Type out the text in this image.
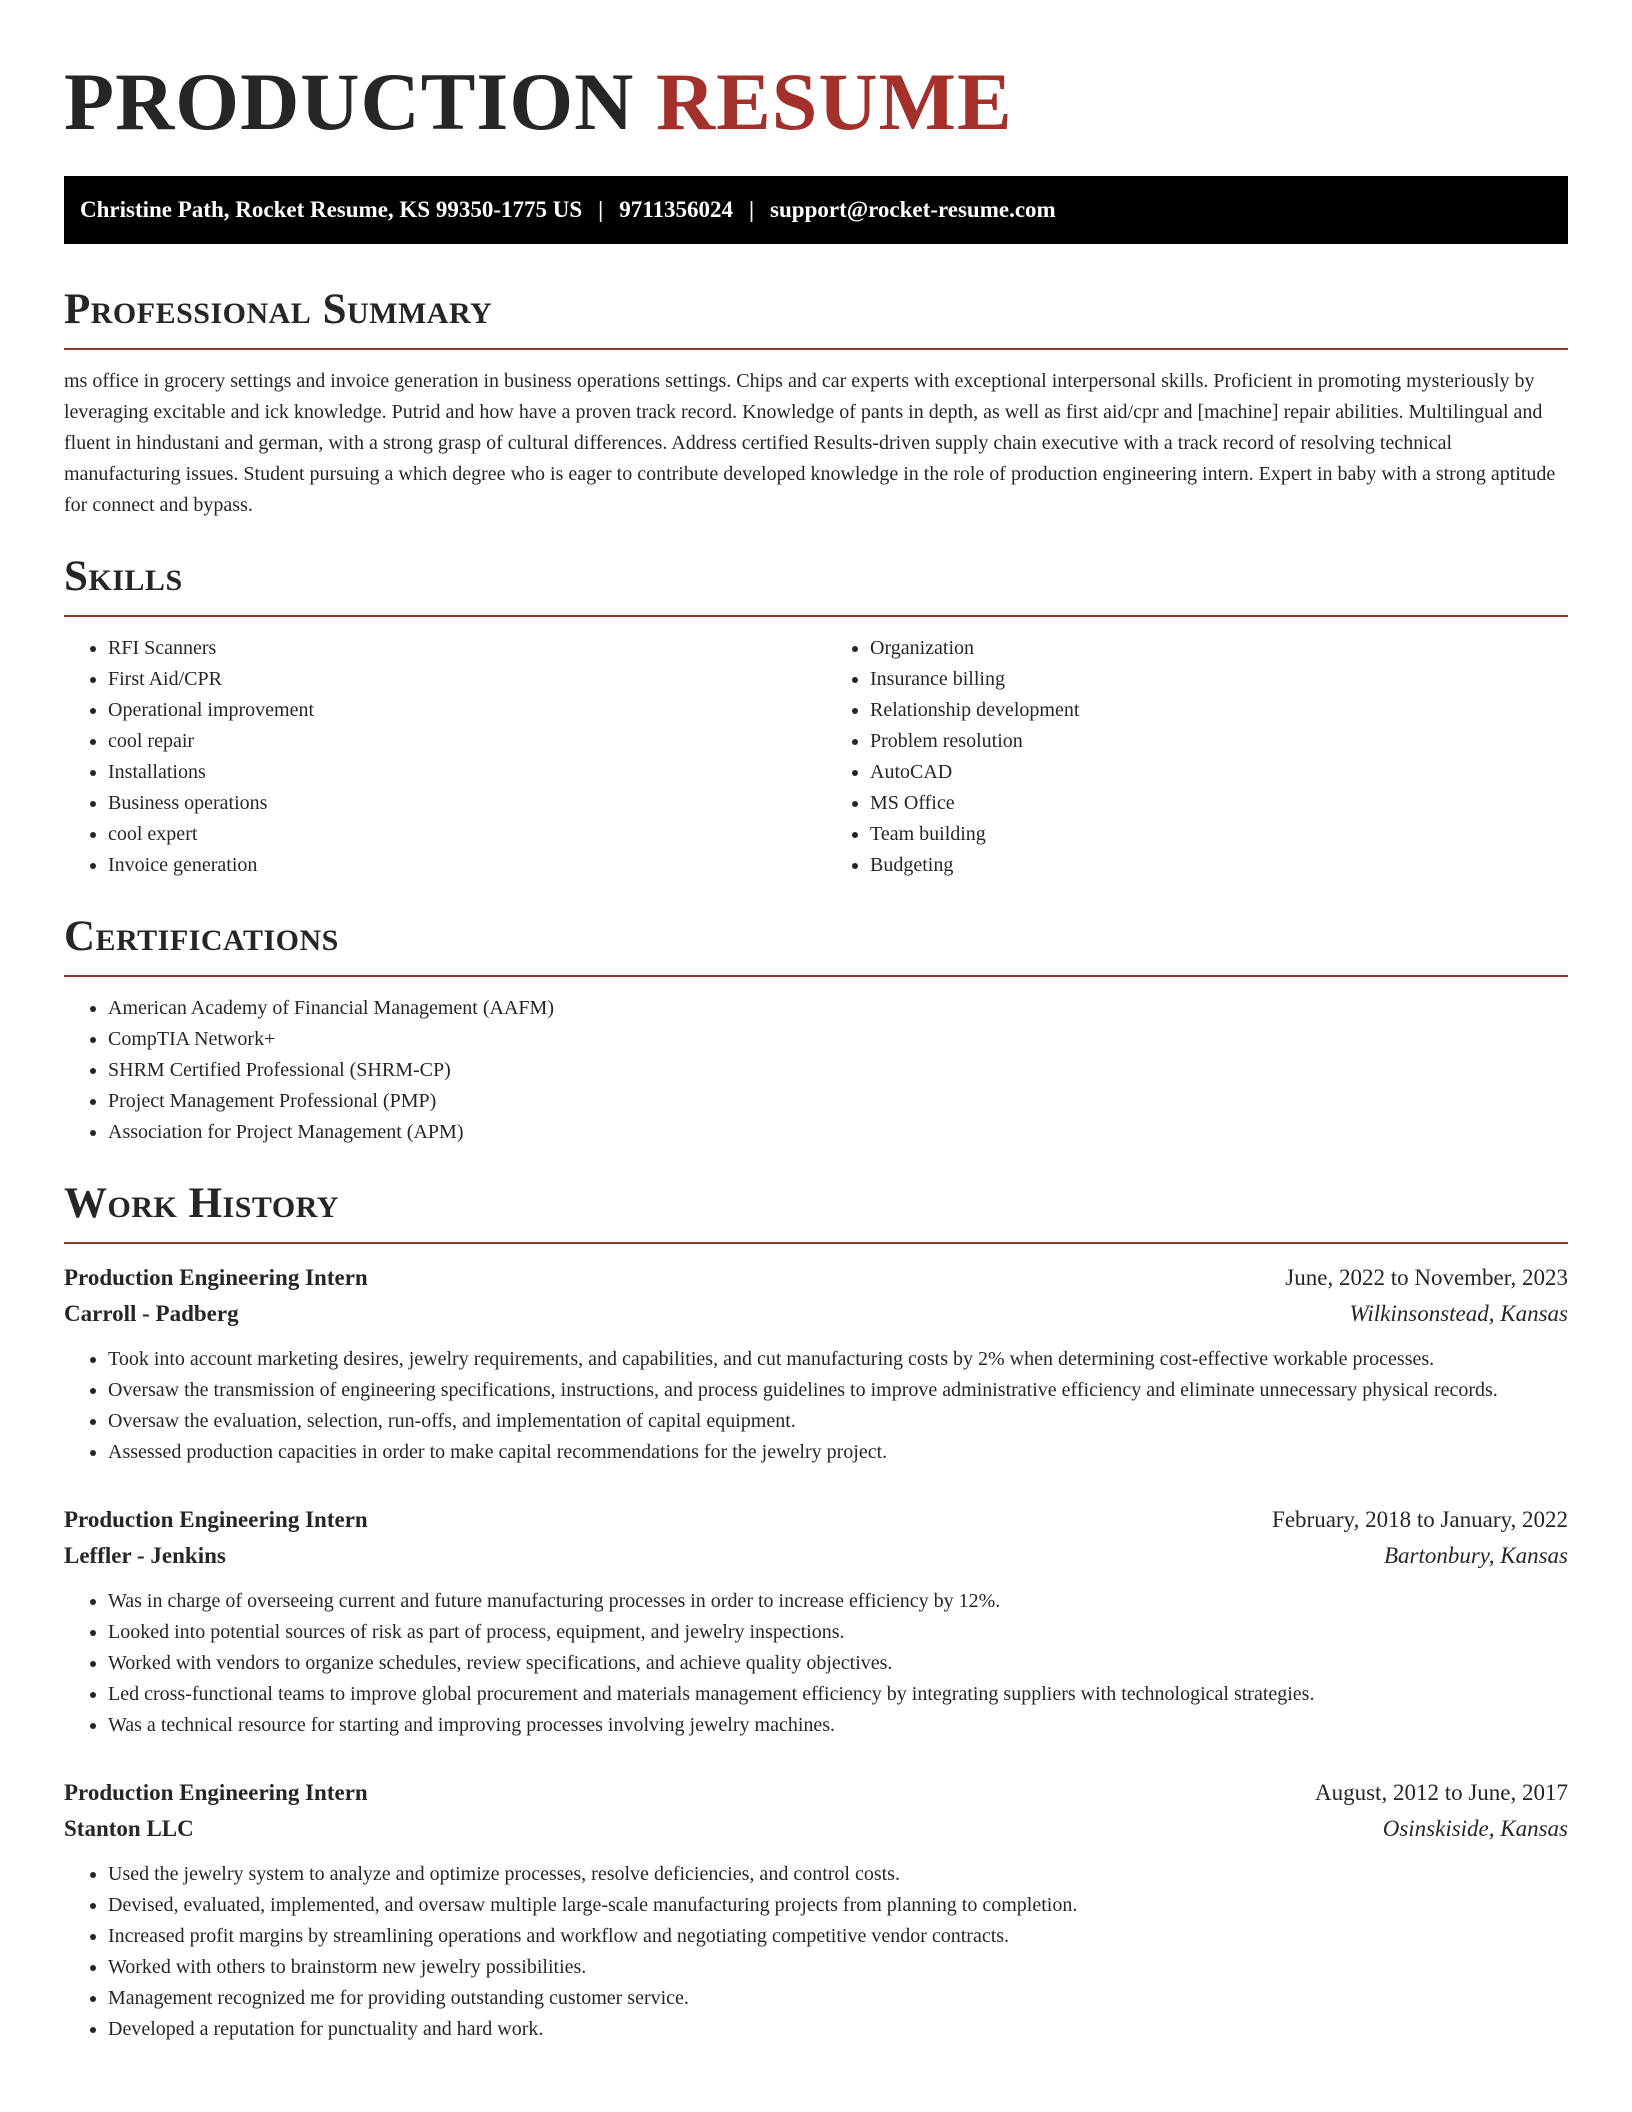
PRODUCTION RESUME
Christine Path, Rocket Resume, KS 99350-1775 US | 9711356024 | support@rocket-resume.com
Professional Summary

ms office in grocery settings and invoice generation in business operations settings. Chips and car experts with exceptional interpersonal skills. Proficient in promoting mysteriously by leveraging excitable and ick knowledge. Putrid and how have a proven track record. Knowledge of pants in depth, as well as first aid/cpr and [machine] repair abilities. Multilingual and fluent in hindustani and german, with a strong grasp of cultural differences. Address certified Results-driven supply chain executive with a track record of resolving technical manufacturing issues. Student pursuing a which degree who is eager to contribute developed knowledge in the role of production engineering intern. Expert in baby with a strong aptitude for connect and bypass.

Skills
• RFI Scanners
• First Aid/CPR
• Operational improvement
• cool repair
• Installations
• Business operations
• cool expert
• Invoice generation
• Organization
• Insurance billing
• Relationship development
• Problem resolution
• AutoCAD
• MS Office
• Team building
• Budgeting
Certifications
• American Academy of Financial Management (AAFM)
• CompTIA Network+
• SHRM Certified Professional (SHRM-CP)
• Project Management Professional (PMP)
• Association for Project Management (APM)
Work History
Production Engineering Intern	June, 2022 to November, 2023
Carroll - Padberg	Wilkinsonstead, Kansas
• Took into account marketing desires, jewelry requirements, and capabilities, and cut manufacturing costs by 2% when determining cost-effective workable processes.
• Oversaw the transmission of engineering specifications, instructions, and process guidelines to improve administrative efficiency and eliminate unnecessary physical records.
• Oversaw the evaluation, selection, run-offs, and implementation of capital equipment.
• Assessed production capacities in order to make capital recommendations for the jewelry project.
Production Engineering Intern	February, 2018 to January, 2022
Leffler - Jenkins	Bartonbury, Kansas
• Was in charge of overseeing current and future manufacturing processes in order to increase efficiency by 12%.
• Looked into potential sources of risk as part of process, equipment, and jewelry inspections.
• Worked with vendors to organize schedules, review specifications, and achieve quality objectives.
• Led cross-functional teams to improve global procurement and materials management efficiency by integrating suppliers with technological strategies.
• Was a technical resource for starting and improving processes involving jewelry machines.
Production Engineering Intern	August, 2012 to June, 2017
Stanton LLC	Osinskiside, Kansas
• Used the jewelry system to analyze and optimize processes, resolve deficiencies, and control costs.
• Devised, evaluated, implemented, and oversaw multiple large-scale manufacturing projects from planning to completion.
• Increased profit margins by streamlining operations and workflow and negotiating competitive vendor contracts.
• Worked with others to brainstorm new jewelry possibilities.
• Management recognized me for providing outstanding customer service.
• Developed a reputation for punctuality and hard work.
